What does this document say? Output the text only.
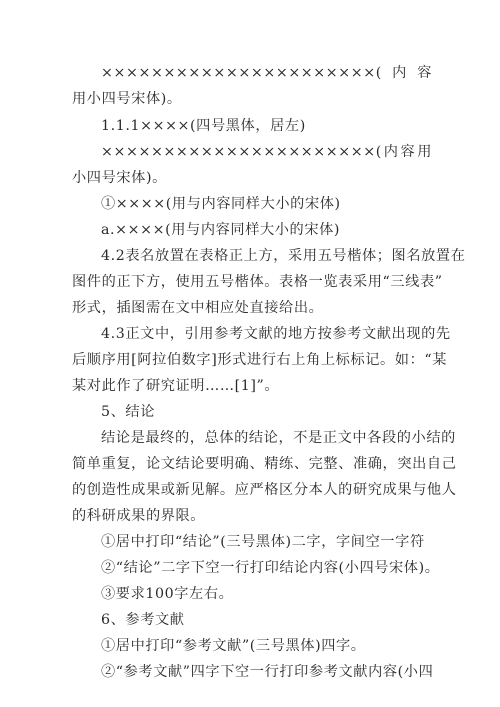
××××××××××××××××××××××(内容
用小四号宋体)。
1.1.1××××(四号黑体，居左)
××××××××××××××××××××××(内容用
小四号宋体)。
①××××(用与内容同样大小的宋体)
a.××××(用与内容同样大小的宋体)
4.2表名放置在表格正上方，采用五号楷体；图名放置在
图件的正下方，使用五号楷体。表格一览表采用“三线表”
形式，插图需在文中相应处直接给出。
4.3正文中，引用参考文献的地方按参考文献出现的先
后顺序用[阿拉伯数字]形式进行右上角上标标记。如：“某
某对此作了研究证明……[1]”。
5、结论
结论是最终的，总体的结论，不是正文中各段的小结的
简单重复，论文结论要明确、精练、完整、准确，突出自己
的创造性成果或新见解。应严格区分本人的研究成果与他人
的科研成果的界限。
①居中打印“结论”(三号黑体)二字，字间空一字符
②“结论”二字下空一行打印结论内容(小四号宋体)。
③要求100字左右。
6、参考文献
①居中打印“参考文献”(三号黑体)四字。
②“参考文献”四字下空一行打印参考文献内容(小四
